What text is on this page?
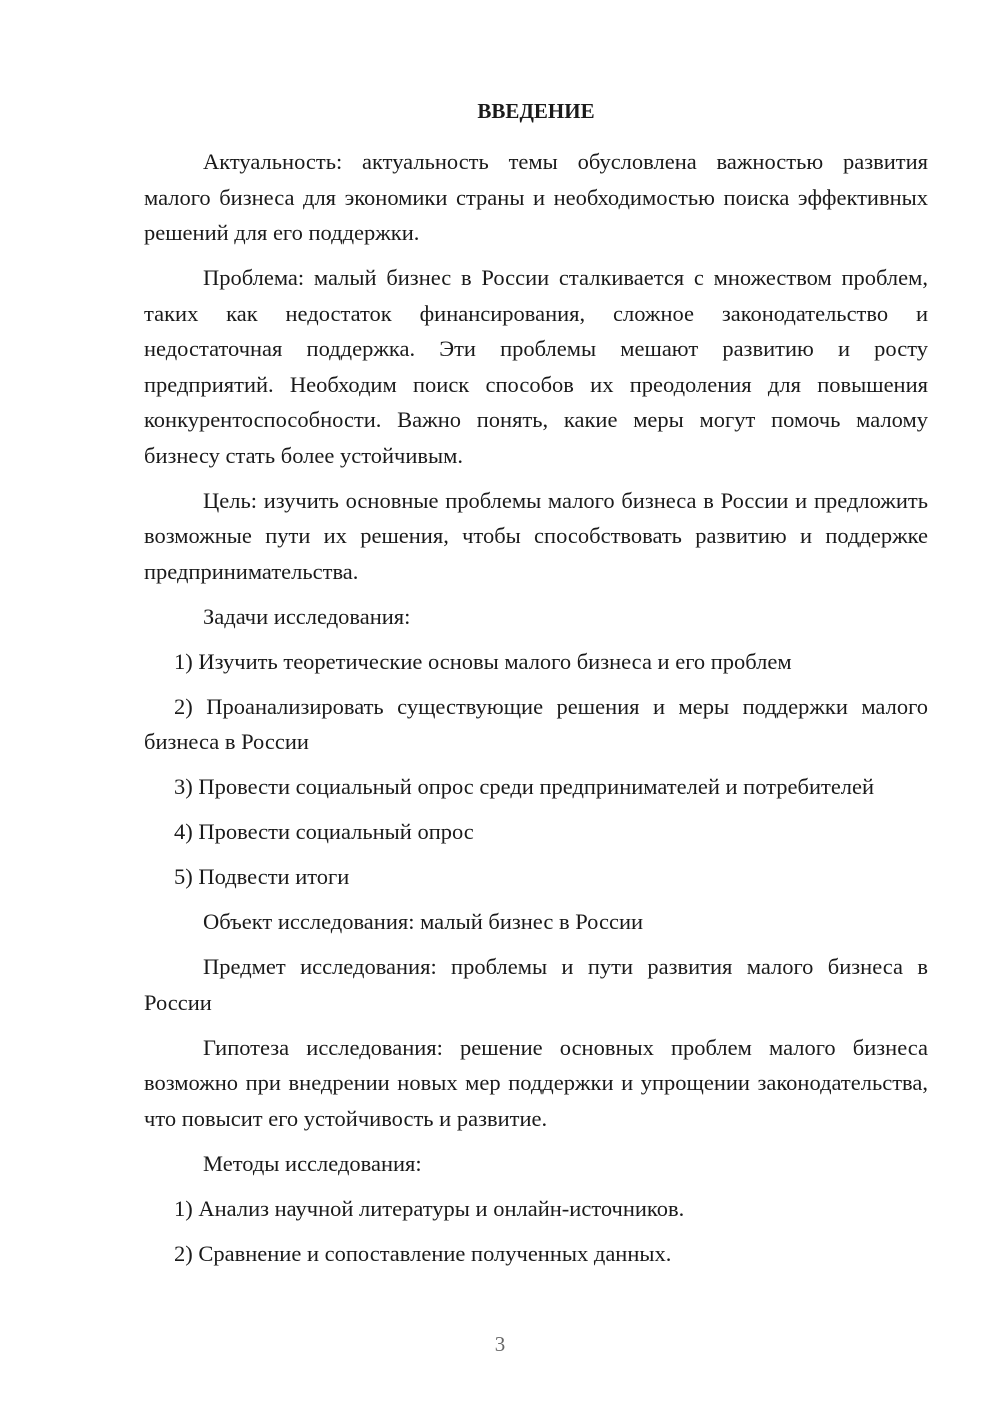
ВВЕДЕНИЕ

Актуальность: актуальность темы обусловлена важностью развития малого бизнеса для экономики страны и необходимостью поиска эффективных решений для его поддержки.

Проблема: малый бизнес в России сталкивается с множеством проблем, таких как недостаток финансирования, сложное законодательство и недостаточная поддержка. Эти проблемы мешают развитию и росту предприятий. Необходим поиск способов их преодоления для повышения конкурентоспособности. Важно понять, какие меры могут помочь малому бизнесу стать более устойчивым.

Цель: изучить основные проблемы малого бизнеса в России и предложить возможные пути их решения, чтобы способствовать развитию и поддержке предпринимательства.

Задачи исследования:

1) Изучить теоретические основы малого бизнеса и его проблем

2) Проанализировать существующие решения и меры поддержки малого бизнеса в России

3) Провести социальный опрос среди предпринимателей и потребителей

4) Провести социальный опрос

5) Подвести итоги

Объект исследования: малый бизнес в России

Предмет исследования: проблемы и пути развития малого бизнеса в России

Гипотеза исследования: решение основных проблем малого бизнеса возможно при внедрении новых мер поддержки и упрощении законодательства, что повысит его устойчивость и развитие.

Методы исследования:

1) Анализ научной литературы и онлайн-источников.

2) Сравнение и сопоставление полученных данных.

3
